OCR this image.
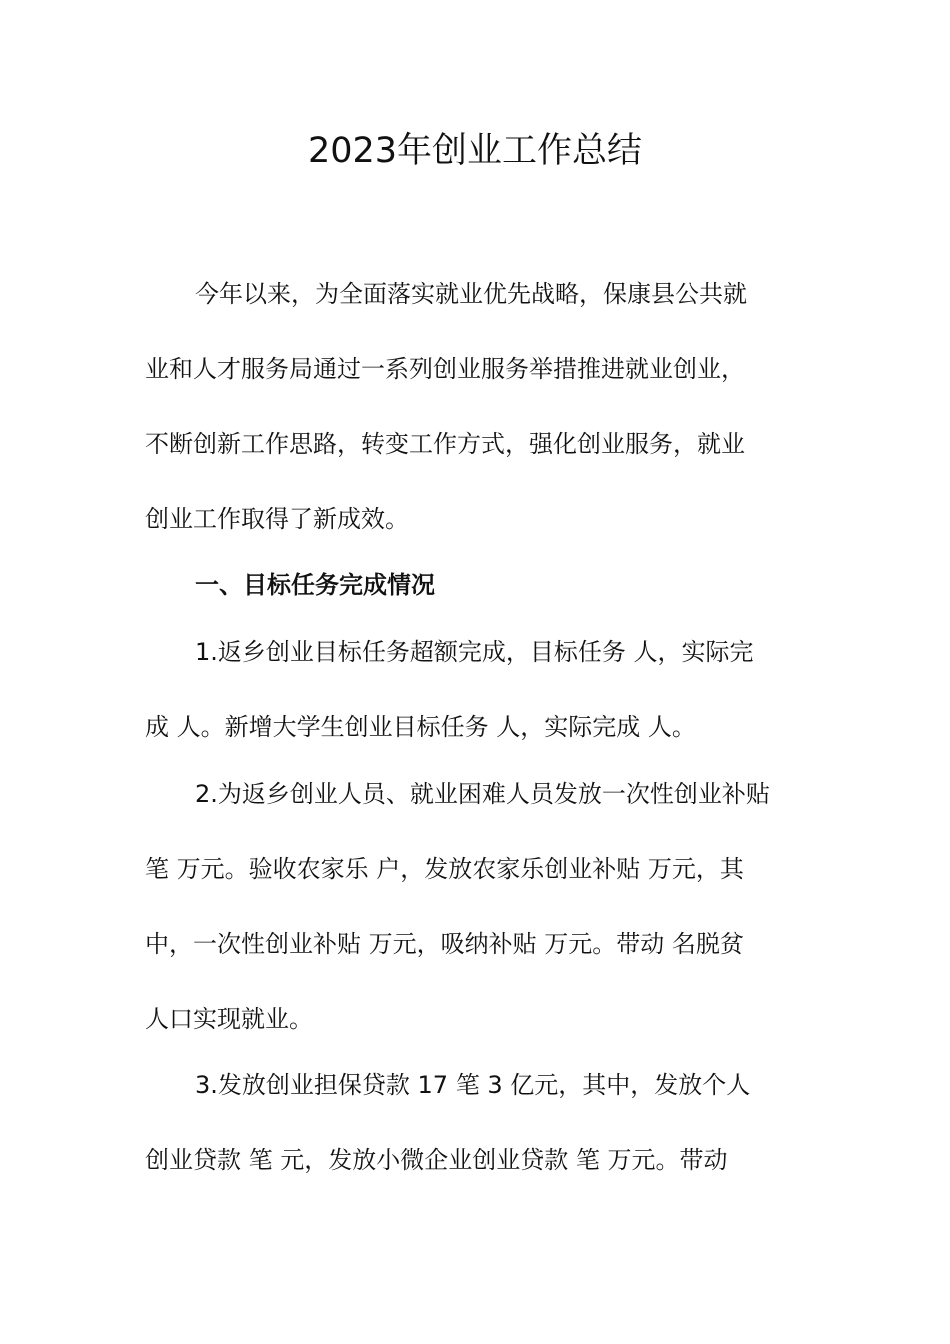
2023年创业工作总结

今年以来，为全面落实就业优先战略，保康县公共就

业和人才服务局通过一系列创业服务举措推进就业创业，

不断创新工作思路，转变工作方式，强化创业服务，就业

创业工作取得了新成效。

一、目标任务完成情况

1.返乡创业目标任务超额完成，目标任务 人，实际完

成 人。新增大学生创业目标任务 人，实际完成 人。

2.为返乡创业人员、就业困难人员发放一次性创业补贴

笔 万元。验收农家乐 户，发放农家乐创业补贴 万元，其

中，一次性创业补贴 万元，吸纳补贴 万元。带动 名脱贫

人口实现就业。

3.发放创业担保贷款 17 笔 3 亿元，其中，发放个人

创业贷款 笔 元，发放小微企业创业贷款 笔 万元。带动
